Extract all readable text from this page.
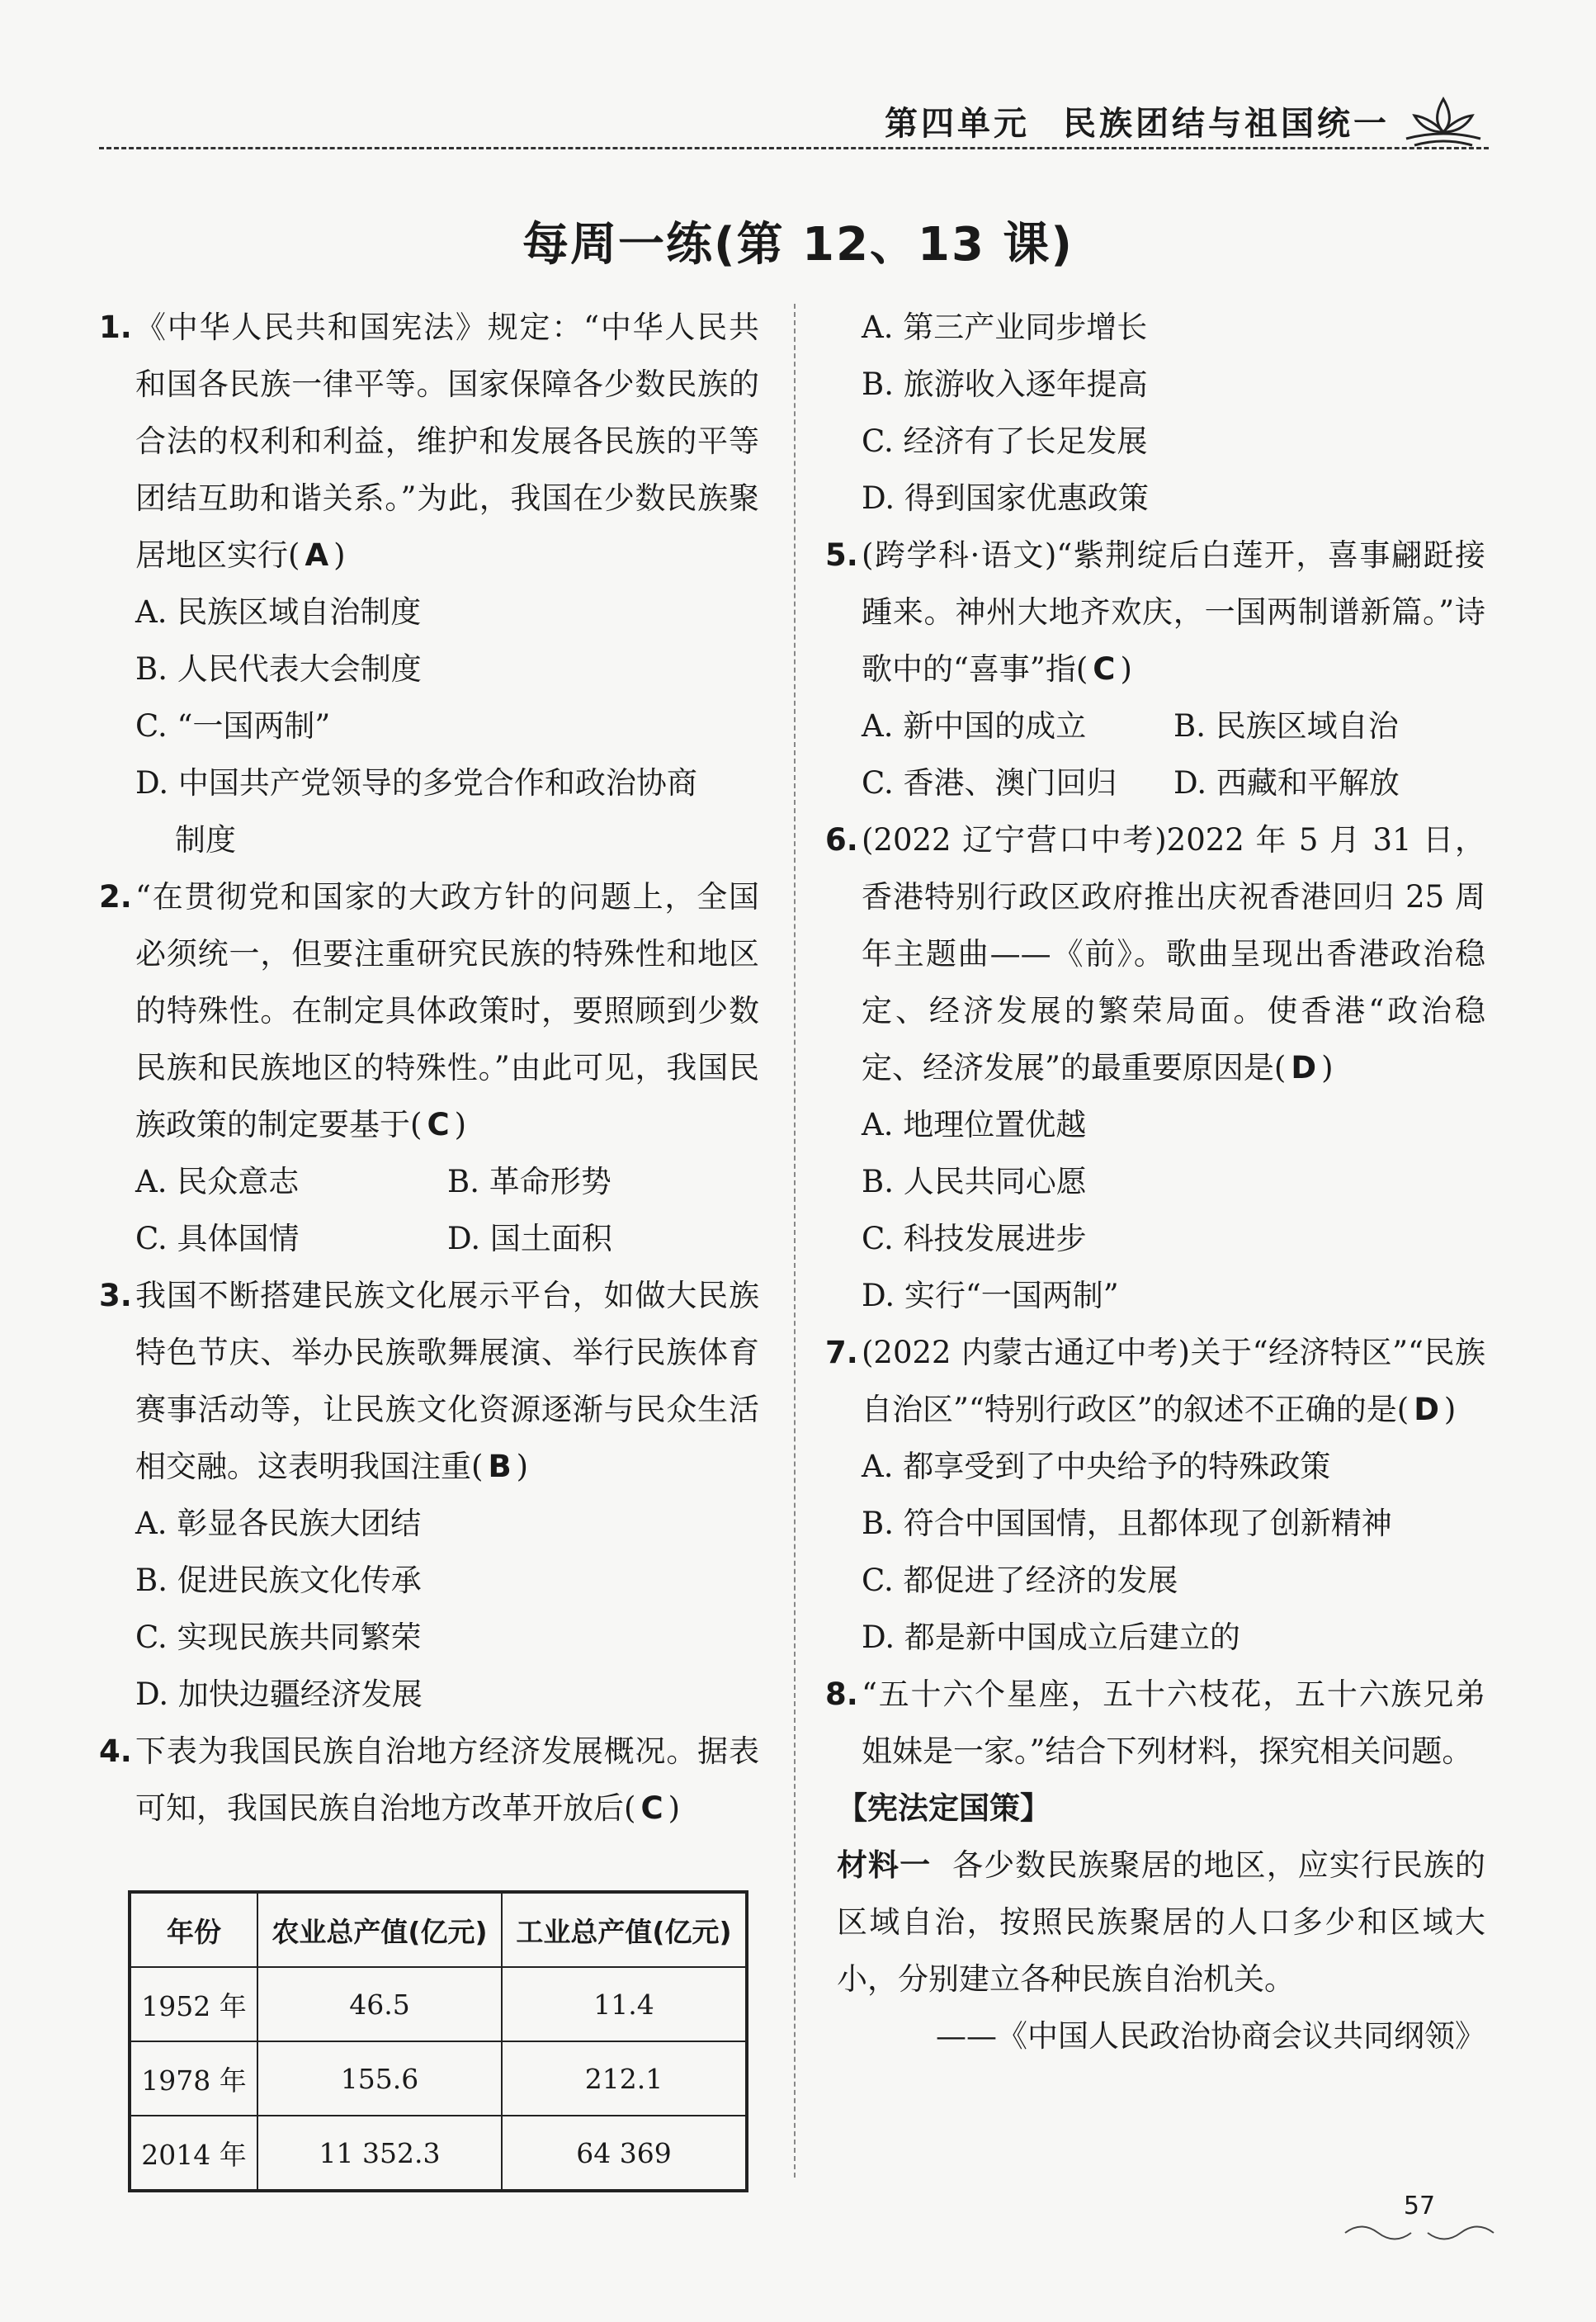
第四单元 民族团结与祖国统一
每周一练(第 12、13 课)
1. 《中华人民共和国宪法》规定：“中华人民共和国各民族一律平等。国家保障各少数民族的合法的权利和利益，维护和发展各民族的平等团结互助和谐关系。”为此，我国在少数民族聚居地区实行( A )
A. 民族区域自治制度
B. 人民代表大会制度
C. “一国两制”
D. 中国共产党领导的多党合作和政治协商
制度
2. “在贯彻党和国家的大政方针的问题上，全国必须统一，但要注重研究民族的特殊性和地区的特殊性。在制定具体政策时，要照顾到少数民族和民族地区的特殊性。”由此可见，我国民族政策的制定要基于( C )
A. 民众意志	B. 革命形势
C. 具体国情	D. 国土面积
3. 我国不断搭建民族文化展示平台，如做大民族特色节庆、举办民族歌舞展演、举行民族体育赛事活动等，让民族文化资源逐渐与民众生活相交融。这表明我国注重( B )
A. 彰显各民族大团结
B. 促进民族文化传承
C. 实现民族共同繁荣
D. 加快边疆经济发展
4. 下表为我国民族自治地方经济发展概况。据表可知，我国民族自治地方改革开放后( C )
年份	农业总产值(亿元)	工业总产值(亿元)
1952 年	46.5	11.4
1978 年	155.6	212.1
2014 年	11 352.3	64 369
A. 第三产业同步增长
B. 旅游收入逐年提高
C. 经济有了长足发展
D. 得到国家优惠政策
5. (跨学科·语文)“紫荆绽后白莲开，喜事翩跹接踵来。神州大地齐欢庆，一国两制谱新篇。”诗歌中的“喜事”指( C )
A. 新中国的成立	B. 民族区域自治
C. 香港、澳门回归	D. 西藏和平解放
6. (2022 辽宁营口中考)2022 年 5 月 31 日，香港特别行政区政府推出庆祝香港回归 25 周年主题曲——《前》。歌曲呈现出香港政治稳定、经济发展的繁荣局面。使香港“政治稳定、经济发展”的最重要原因是( D )
A. 地理位置优越
B. 人民共同心愿
C. 科技发展进步
D. 实行“一国两制”
7. (2022 内蒙古通辽中考)关于“经济特区”“民族自治区”“特别行政区”的叙述不正确的是( D )
A. 都享受到了中央给予的特殊政策
B. 符合中国国情，且都体现了创新精神
C. 都促进了经济的发展
D. 都是新中国成立后建立的
8. “五十六个星座，五十六枝花，五十六族兄弟姐妹是一家。”结合下列材料，探究相关问题。
【宪法定国策】
材料一 各少数民族聚居的地区，应实行民族的区域自治，按照民族聚居的人口多少和区域大小，分别建立各种民族自治机关。
——《中国人民政治协商会议共同纲领》
57
